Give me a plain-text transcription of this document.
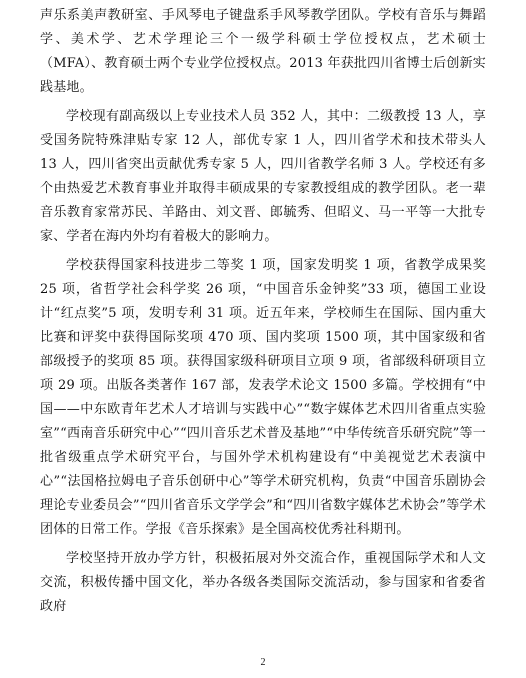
声乐系美声教研室、手风琴电子键盘系手风琴教学团队。学校有音乐与舞蹈学、美术学、艺术学理论三个一级学科硕士学位授权点，艺术硕士（MFA）、教育硕士两个专业学位授权点。2013 年获批四川省博士后创新实践基地。

学校现有副高级以上专业技术人员 352 人，其中：二级教授 13 人，享受国务院特殊津贴专家 12 人，部优专家 1 人，四川省学术和技术带头人 13 人，四川省突出贡献优秀专家 5 人，四川省教学名师 3 人。学校还有多个由热爱艺术教育事业并取得丰硕成果的专家教授组成的教学团队。老一辈音乐教育家常苏民、羊路由、刘文晋、郎毓秀、但昭义、马一平等一大批专家、学者在海内外均有着极大的影响力。

学校获得国家科技进步二等奖 1 项，国家发明奖 1 项，省教学成果奖 25 项，省哲学社会科学奖 26 项，“中国音乐金钟奖”33 项，德国工业设计“红点奖”5 项，发明专利 31 项。近五年来，学校师生在国际、国内重大比赛和评奖中获得国际奖项 470 项、国内奖项 1500 项，其中国家级和省部级授予的奖项 85 项。获得国家级科研项目立项 9 项，省部级科研项目立项 29 项。出版各类著作 167 部，发表学术论文 1500 多篇。学校拥有“中国——中东欧青年艺术人才培训与实践中心”“数字媒体艺术四川省重点实验室”“西南音乐研究中心”“四川音乐艺术普及基地”“中华传统音乐研究院”等一批省级重点学术研究平台，与国外学术机构建设有“中美视觉艺术表演中心”“法国格拉姆电子音乐创研中心”等学术研究机构，负责“中国音乐剧协会理论专业委员会”“四川省音乐文学学会”和“四川省数字媒体艺术协会”等学术团体的日常工作。学报《音乐探索》是全国高校优秀社科期刊。

学校坚持开放办学方针，积极拓展对外交流合作，重视国际学术和人文交流，积极传播中国文化，举办各级各类国际交流活动，参与国家和省委省政府

2
